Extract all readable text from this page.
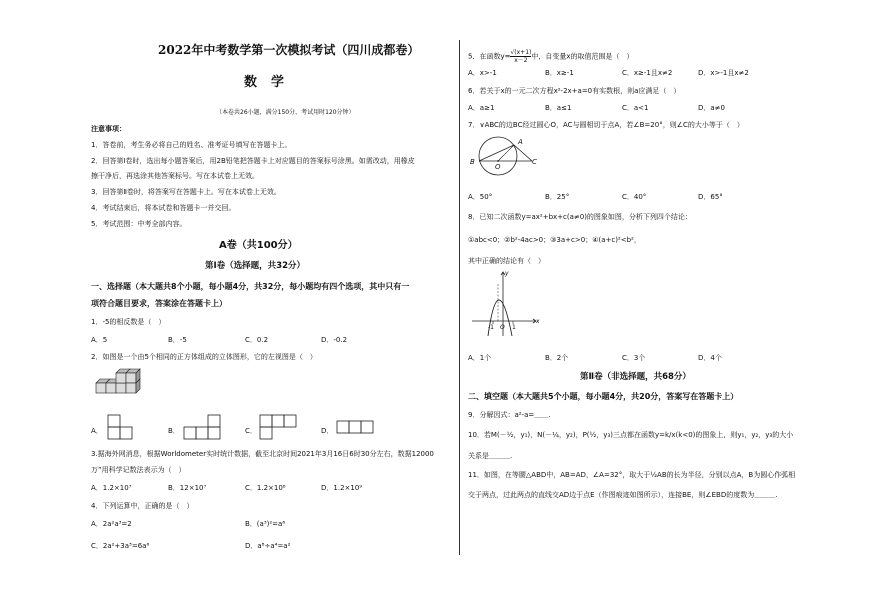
2022年中考数学第一次模拟考试（四川成都卷）
数学
（本卷共26小题，满分150分，考试用时120分钟）
注意事项：
1．答卷前，考生务必将自己的姓名、准考证号填写在答题卡上。
2．回答第Ⅰ卷时，选出每小题答案后，用2B铅笔把答题卡上对应题目的答案标号涂黑。如需改动，用橡皮
擦干净后，再选涂其他答案标号。写在本试卷上无效。
3．回答第Ⅱ卷时，将答案写在答题卡上。写在本试卷上无效。
4．考试结束后，将本试卷和答题卡一并交回。
5．考试范围：中考全部内容。
A卷（共100分）
第Ⅰ卷（选择题，共32分）
一、选择题（本大题共8个小题，每小题4分，共32分，每小题均有四个选项，其中只有一
项符合题目要求，答案涂在答题卡上）
1．-5的相反数是（　）
A．5	B．-5	C．0.2	D．-0.2
2．如图是一个由5个相同的正方体组成的立体图形，它的左视图是（　）
A．	B．	C．	D．
3.据海外网消息，根据Worldometer实时统计数据，截至北京时间2021年3月16日6时30分左右，数据12000
万”用科学记数法表示为（　）
A．1.2×10⁷	B．12×10⁷	C．1.2×10⁸	D．1.2×10⁹
4．下列运算中，正确的是（　）
A．2a²a³=2	B．(a³)²=a⁶
C．2a²+3a³=6a⁶	D．a⁸÷a⁴=a²
5．在函数$y= \frac{√(x+1)}{x-2}$ 中，自变量x的取值范围是（　）
A．x>-1	B．x≥-1	C．x≥-1且x≠2	D．x>-1且x≠2
6．若关于x的一元二次方程x²-2x+a=0有实数根，则a应满足（　）
A．a≥1	B．a≤1	C．a<1	D．a≠0
7．∨ABC的边BC经过圆心O，AC与圆相切于点A，若∠B=20°，则∠C的大小等于（　）
A
B	C
O
A．50°	B．25°	C．40°	D．65°
8．已知二次函数y=ax²+bx+c(a≠0)的图象如图，分析下列四个结论：
①abc<0；②b²-4ac>0；③3a+c>0；④(a+c)²<b²，
其中正确的结论有（　）
y
x
-1 O 1
A．1个	B．2个	C．3个	D．4个
第Ⅱ卷（非选择题，共68分）
二、填空题（本大题共5个小题，每小题4分，共20分，答案写在答题卡上）
9．分解因式：a²-a=＿＿.
10．若M(－½，y₁)，N(－¼，y₂)，P(½，y₃)三点都在函数y=k/x(k<0)的图象上，则y₁，y₂，y₃的大小
关系是＿＿＿.
11．如图，在等腰△ABD中，AB=AD，∠A=32°，取大于½AB的长为半径，分别以点A，B为圆心作弧相
交于两点，过此两点的直线交AD边于点E（作图痕迹如图所示），连接BE，则∠EBD的度数为＿＿＿.
